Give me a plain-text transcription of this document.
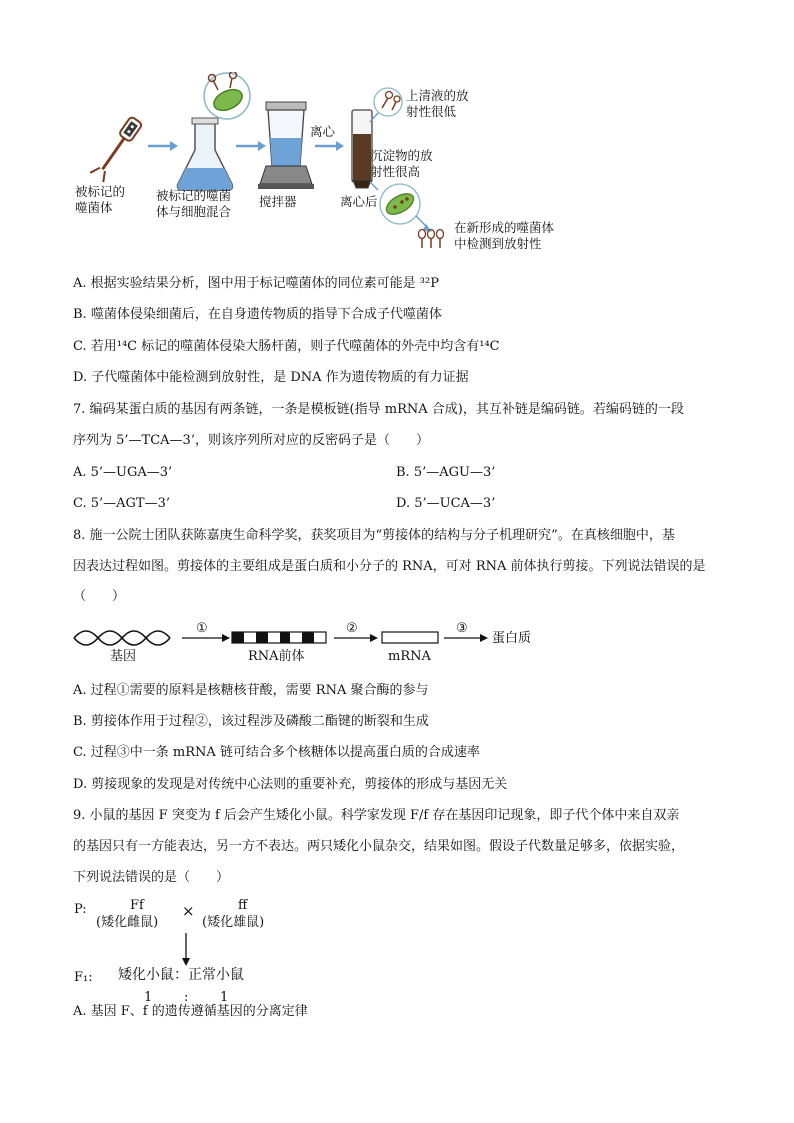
被标记的
噬菌体
被标记的噬菌
体与细胞混合
搅拌器
离心
离心后
上清液的放
射性很低
沉淀物的放
射性很高
在新形成的噬菌体
中检测到放射性
A. 根据实验结果分析，图中用于标记噬菌体的同位素可能是 ³²P
B. 噬菌体侵染细菌后，在自身遗传物质的指导下合成子代噬菌体
C. 若用¹⁴C 标记的噬菌体侵染大肠杆菌，则子代噬菌体的外壳中均含有¹⁴C
D. 子代噬菌体中能检测到放射性，是 DNA 作为遗传物质的有力证据
7. 编码某蛋白质的基因有两条链，一条是模板链(指导 mRNA 合成)，其互补链是编码链。若编码链的一段
序列为 5’—TCA—3’，则该序列所对应的反密码子是（　　）
A. 5’—UGA—3’	B. 5’—AGU—3’
C. 5’—AGT—3’	D. 5’—UCA—3’
8. 施一公院士团队获陈嘉庚生命科学奖，获奖项目为“剪接体的结构与分子机理研究”。在真核细胞中，基
因表达过程如图。剪接体的主要组成是蛋白质和小分子的 RNA，可对 RNA 前体执行剪接。下列说法错误的是
（　　）
基因
①
RNA前体
②
mRNA
③
蛋白质
A. 过程①需要的原料是核糖核苷酸，需要 RNA 聚合酶的参与
B. 剪接体作用于过程②，该过程涉及磷酸二酯键的断裂和生成
C. 过程③中一条 mRNA 链可结合多个核糖体以提高蛋白质的合成速率
D. 剪接现象的发现是对传统中心法则的重要补充，剪接体的形成与基因无关
9. 小鼠的基因 F 突变为 f 后会产生矮化小鼠。科学家发现 F/f 存在基因印记现象，即子代个体中来自双亲
的基因只有一方能表达，另一方不表达。两只矮化小鼠杂交，结果如图。假设子代数量足够多，依据实验，
下列说法错误的是（　　）
P:	Ff
(矮化雌鼠)
×	ff
(矮化雄鼠)
F₁: 矮化小鼠：正常小鼠
1 : 1
A. 基因 F、f 的遗传遵循基因的分离定律
